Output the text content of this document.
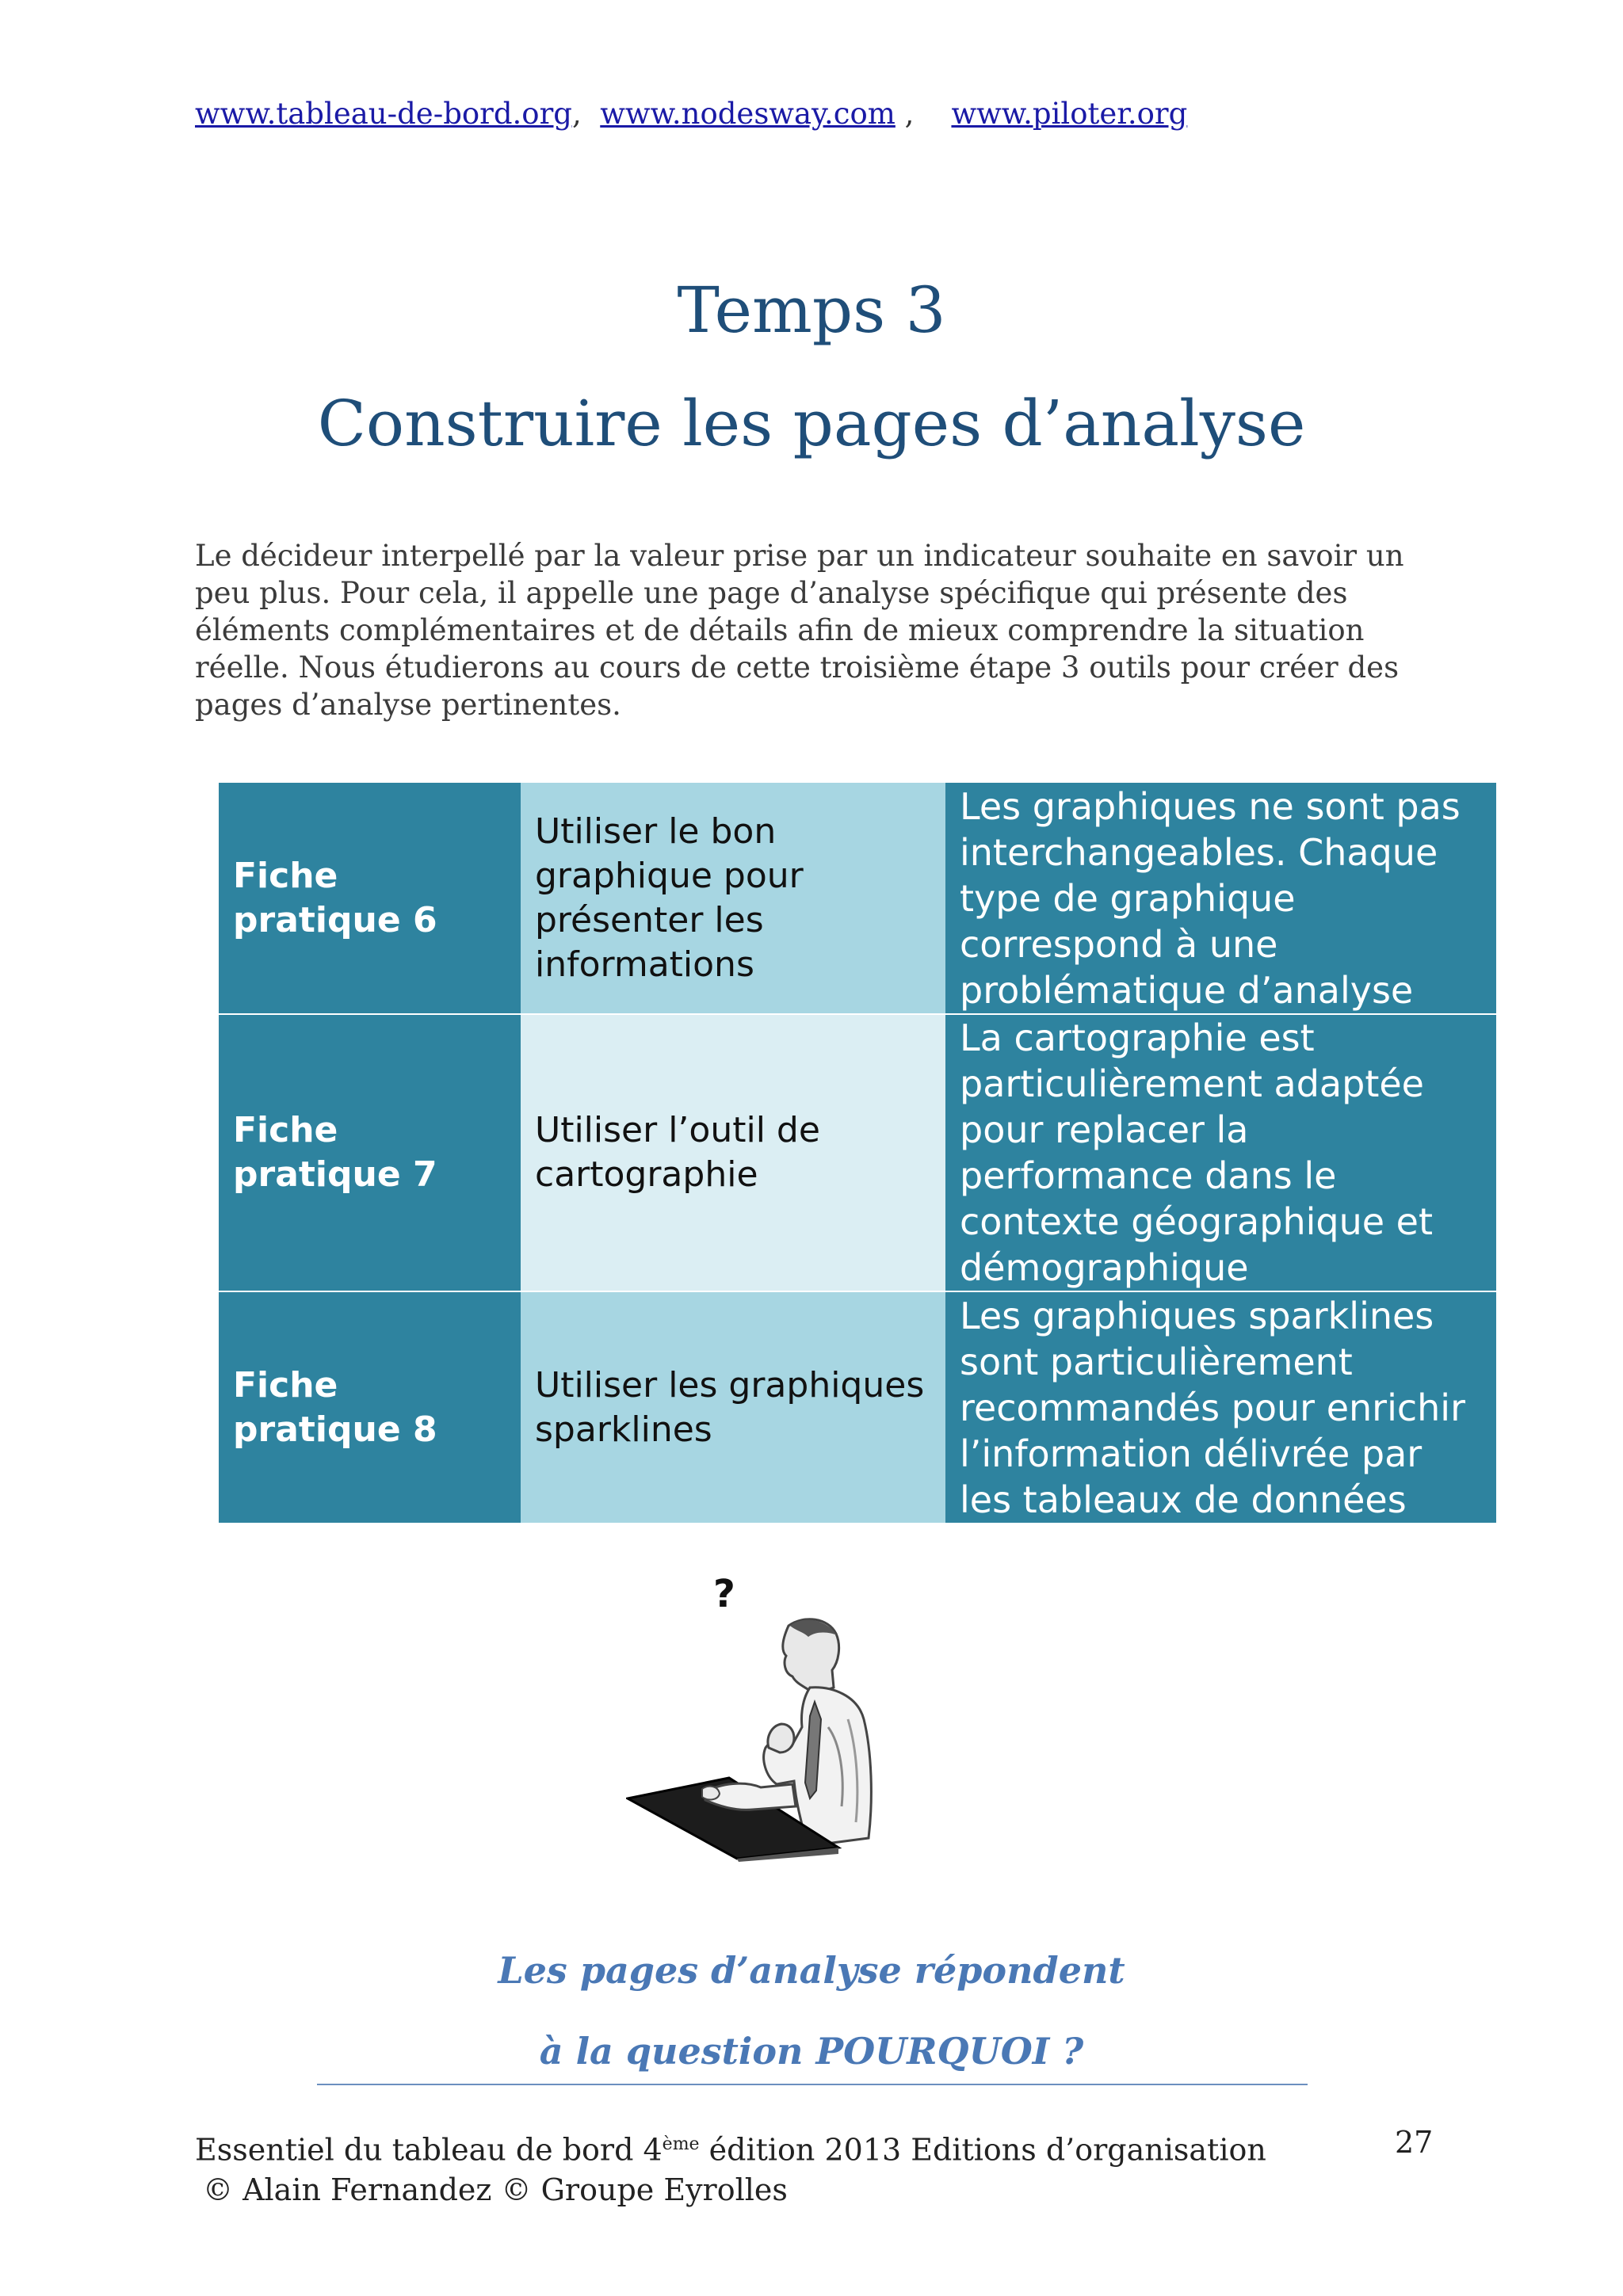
www.tableau-de-bord.org, www.nodesway.com , www.piloter.org
Temps 3
Construire les pages d’analyse

Le décideur interpellé par la valeur prise par un indicateur souhaite en savoir un peu plus. Pour cela, il appelle une page d’analyse spécifique qui présente des éléments complémentaires et de détails afin de mieux comprendre la situation réelle. Nous étudierons au cours de cette troisième étape 3 outils pour créer des pages d’analyse pertinentes.

Fiche pratique 6	Utiliser le bon graphique pour présenter les informations	Les graphiques ne sont pas interchangeables. Chaque type de graphique correspond à une problématique d’analyse
Fiche pratique 7	Utiliser l’outil de cartographie	La cartographie est particulièrement adaptée pour replacer la performance dans le contexte géographique et démographique
Fiche pratique 8	Utiliser les graphiques sparklines	Les graphiques sparklines sont particulièrement recommandés pour enrichir l’information délivrée par les tableaux de données
?
Les pages d’analyse répondent
à la question POURQUOI ?
Essentiel du tableau de bord 4ème édition 2013 Editions d’organisation
© Alain Fernandez © Groupe Eyrolles
27
